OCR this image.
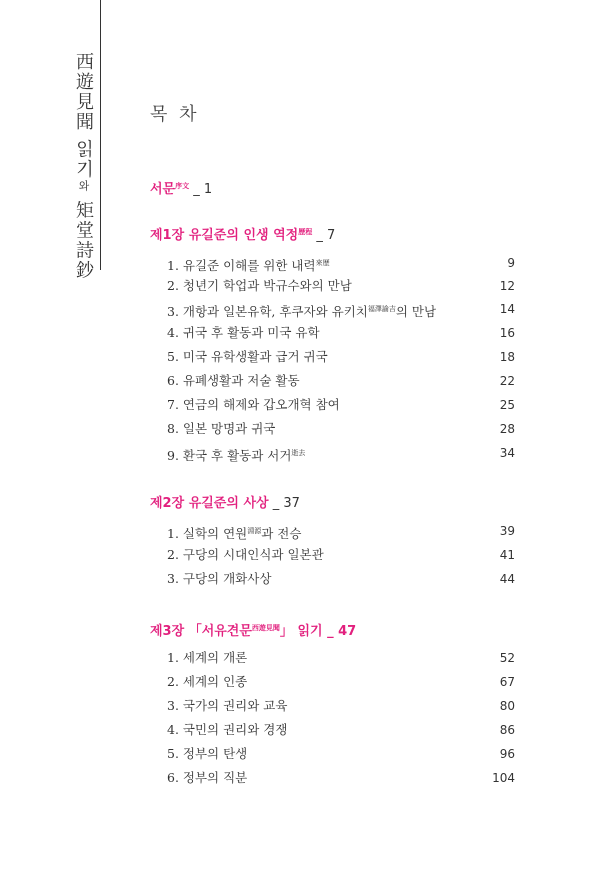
西遊見聞 읽기와 矩堂詩鈔
목 차
서문$^{序文}$ _ 1
제1장 유길준의 인생 역정$^{歷程}$ _ 7
1. 유길준 이해를 위한 내력$^{來歷}$	9
2. 청년기 학업과 박규수와의 만남	12
3. 개항과 일본유학, 후쿠자와 유키치$^{福澤諭吉}$의 만남	14
4. 귀국 후 활동과 미국 유학	16
5. 미국 유학생활과 급거 귀국	18
6. 유폐생활과 저술 활동	22
7. 연금의 해제와 갑오개혁 참여	25
8. 일본 망명과 귀국	28
9. 환국 후 활동과 서거$^{逝去}$	34
제2장 유길준의 사상 _ 37
1. 실학의 연원$^{淵源}$과 전승	39
2. 구당의 시대인식과 일본관	41
3. 구당의 개화사상	44
제3장 「서유견문$^{西遊見聞}$」 읽기 _ 47
1. 세계의 개론	52
2. 세계의 인종	67
3. 국가의 권리와 교육	80
4. 국민의 권리와 경쟁	86
5. 정부의 탄생	96
6. 정부의 직분	104
